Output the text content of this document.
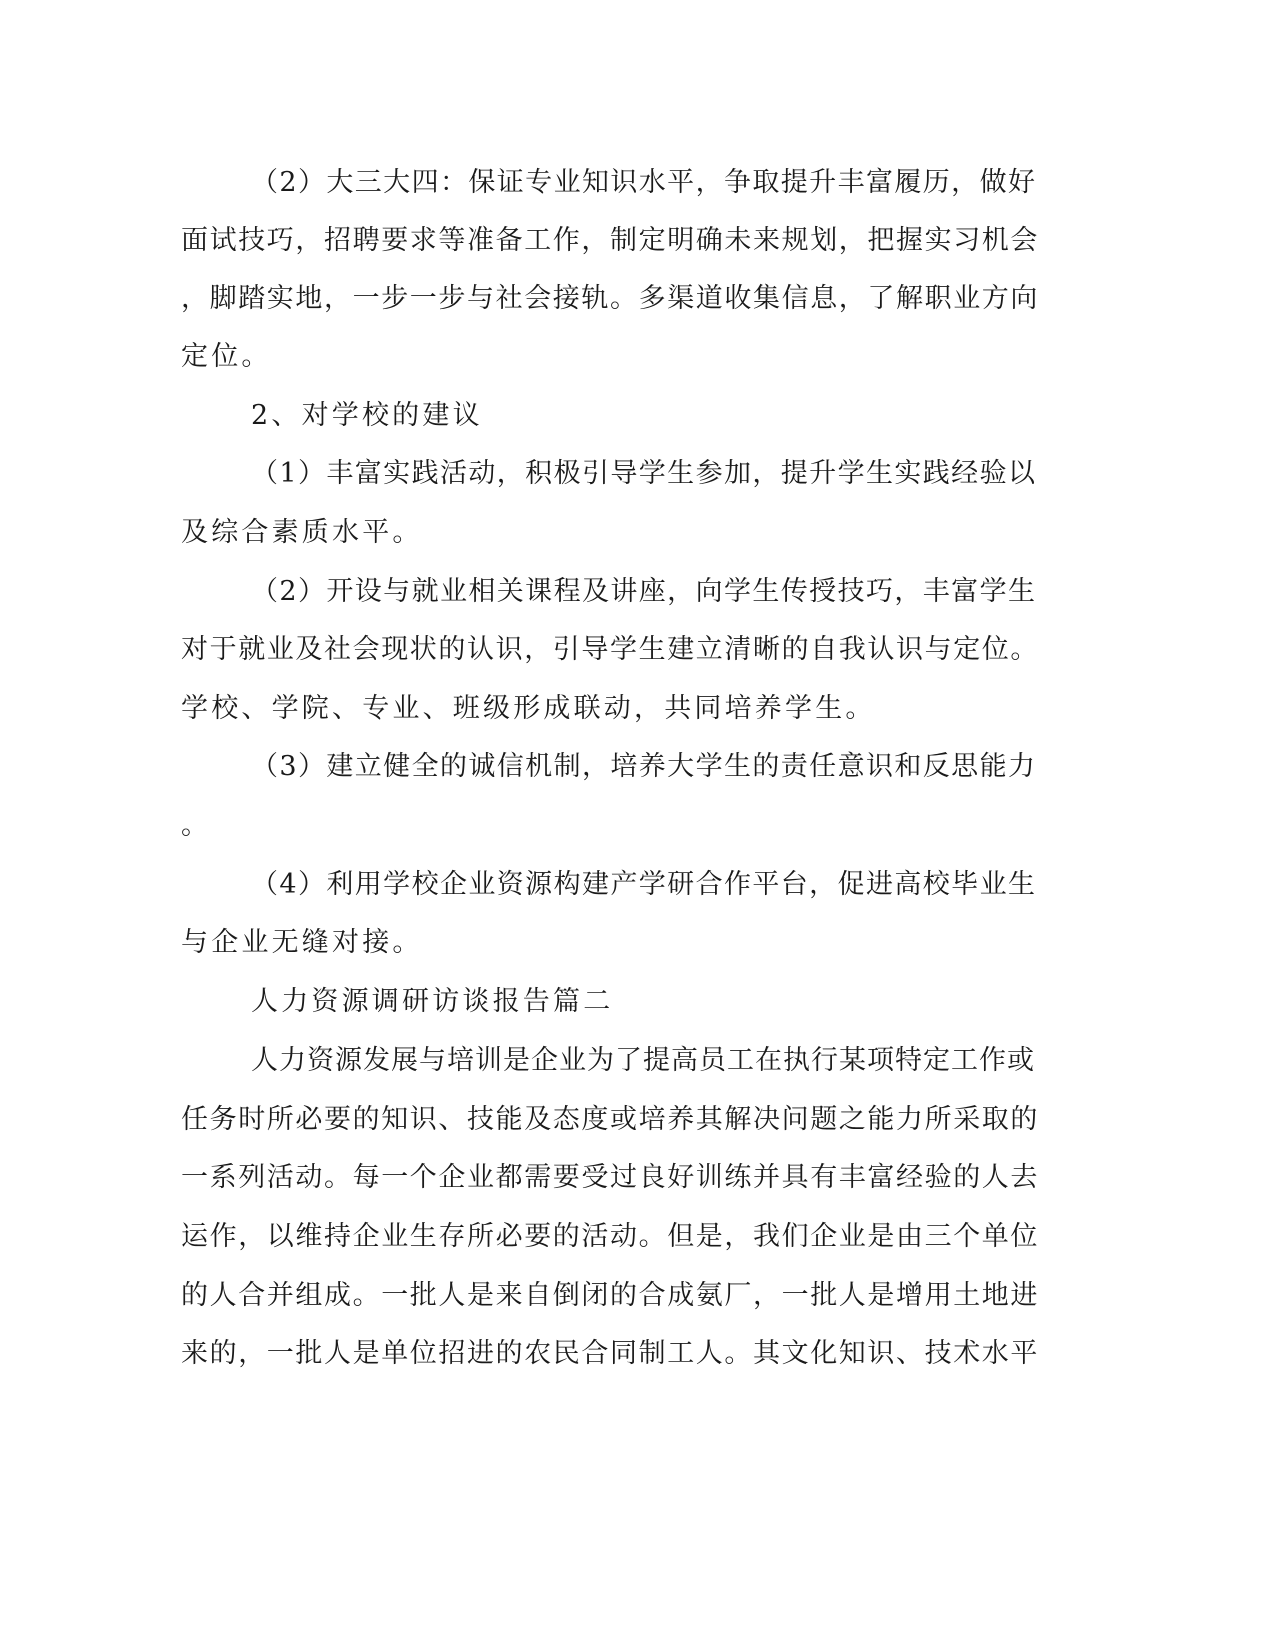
（2）大三大四：保证专业知识水平，争取提升丰富履历，做好
面试技巧，招聘要求等准备工作，制定明确未来规划，把握实习机会
，脚踏实地，一步一步与社会接轨。多渠道收集信息，了解职业方向
定位。
2、对学校的建议
（1）丰富实践活动，积极引导学生参加，提升学生实践经验以
及综合素质水平。
（2）开设与就业相关课程及讲座，向学生传授技巧，丰富学生
对于就业及社会现状的认识，引导学生建立清晰的自我认识与定位。
学校、学院、专业、班级形成联动，共同培养学生。
（3）建立健全的诚信机制，培养大学生的责任意识和反思能力
。
（4）利用学校企业资源构建产学研合作平台，促进高校毕业生
与企业无缝对接。
人力资源调研访谈报告篇二
人力资源发展与培训是企业为了提高员工在执行某项特定工作或
任务时所必要的知识、技能及态度或培养其解决问题之能力所采取的
一系列活动。每一个企业都需要受过良好训练并具有丰富经验的人去
运作，以维持企业生存所必要的活动。但是，我们企业是由三个单位
的人合并组成。一批人是来自倒闭的合成氨厂，一批人是增用土地进
来的，一批人是单位招进的农民合同制工人。其文化知识、技术水平
